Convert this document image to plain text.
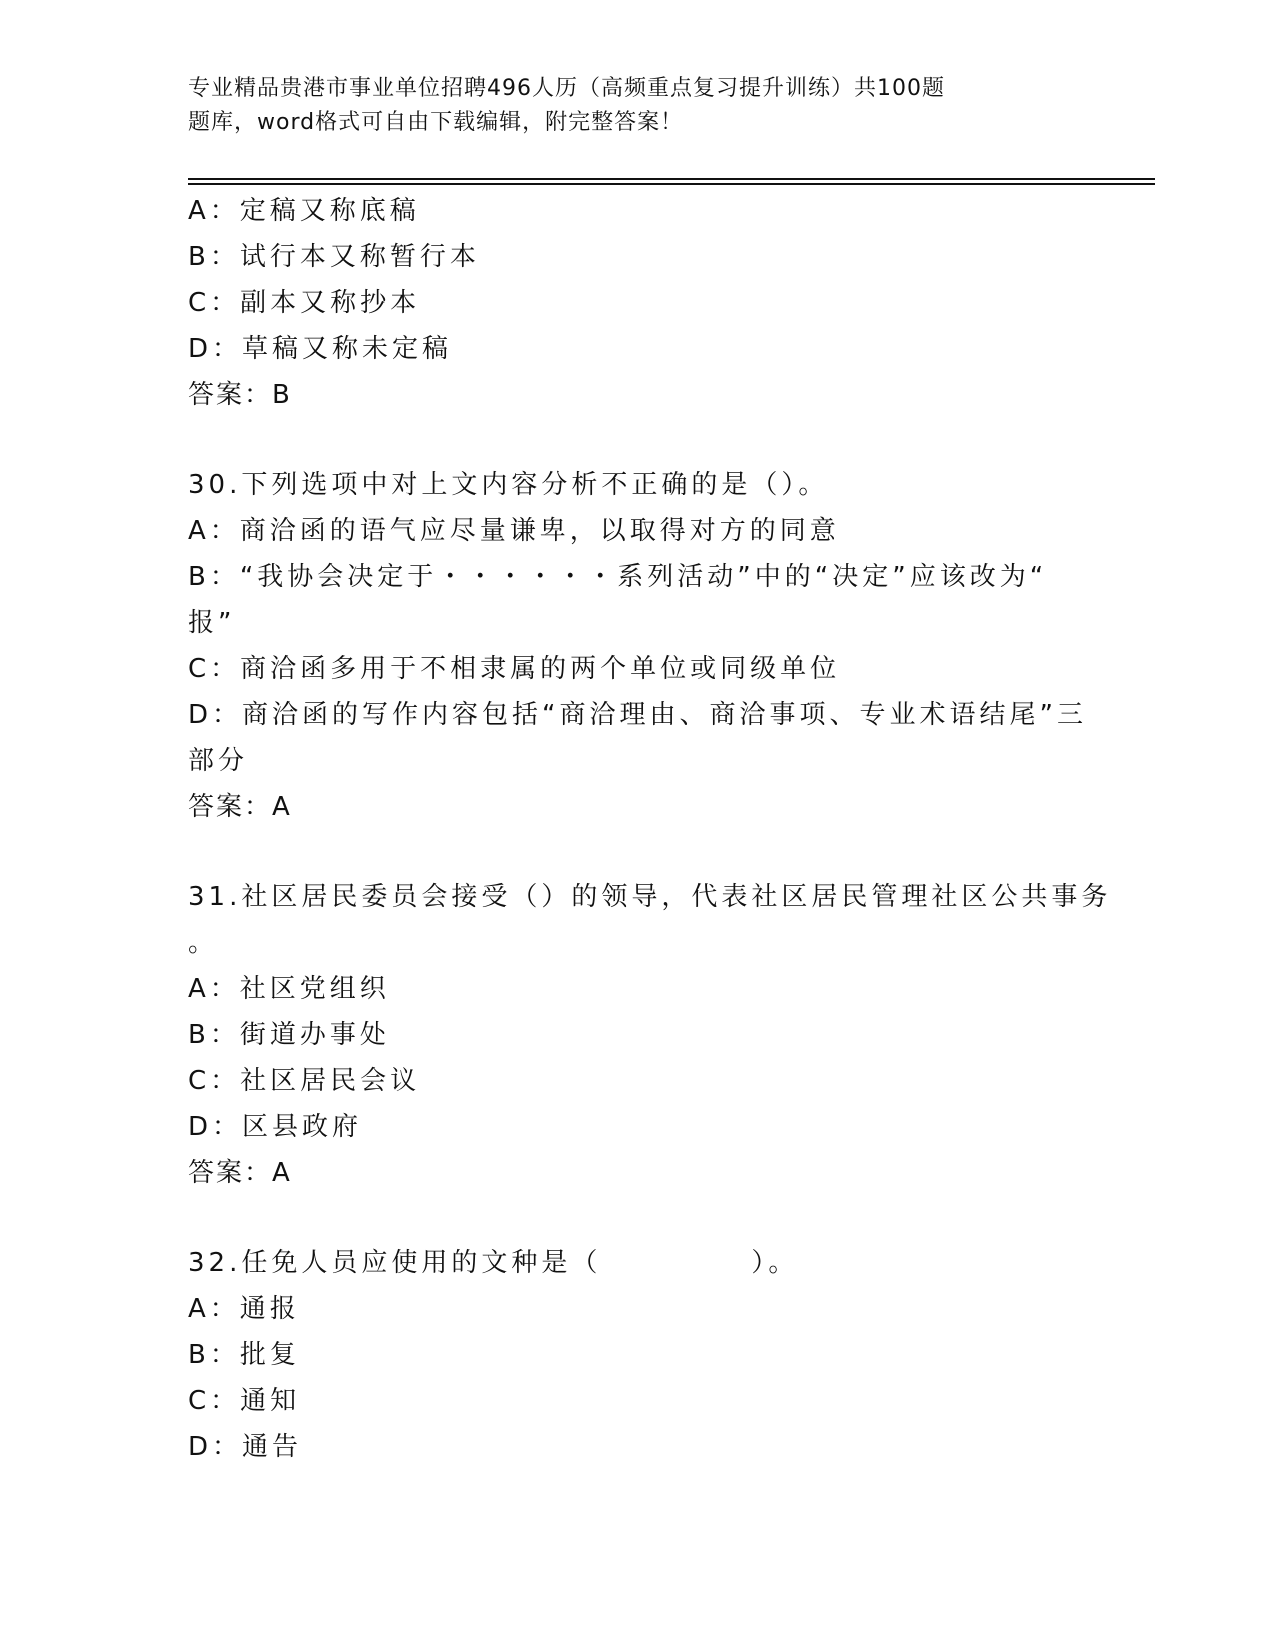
专业精品贵港市事业单位招聘496人历（高频重点复习提升训练）共100题
题库，word格式可自由下载编辑，附完整答案！
A：定稿又称底稿
B：试行本又称暂行本
C：副本又称抄本
D：草稿又称未定稿
答案：B
30.下列选项中对上文内容分析不正确的是（）。
A：商洽函的语气应尽量谦卑，以取得对方的同意
B：“我协会决定于・・・・・・系列活动”中的“决定”应该改为“
报”
C：商洽函多用于不相隶属的两个单位或同级单位
D：商洽函的写作内容包括“商洽理由、商洽事项、专业术语结尾”三
部分
答案：A
31.社区居民委员会接受（）的领导，代表社区居民管理社区公共事务
。
A：社区党组织
B：街道办事处
C：社区居民会议
D：区县政府
答案：A
32.任免人员应使用的文种是（　　　　　）。
A：通报
B：批复
C：通知
D：通告
